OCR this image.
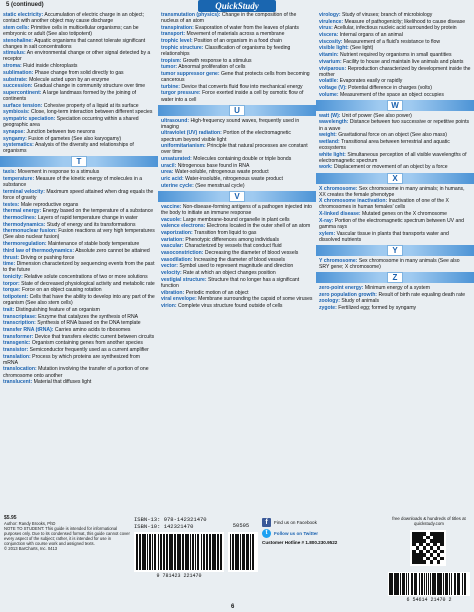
5 (continued)	QuickStudy
static electricity: Accumulation of electric charge in an object; contact with another object may cause discharge
stem cells: Primitive cells in multicellular organisms; can be embryonic or adult (See also totipotent)
stenohaline: Aquatic organisms that cannot tolerate significant changes in salt concentrations
stimulus: An environmental change or other signal detected by a receptor
stroma: Fluid inside chloroplasts
sublimation: Phase change from solid directly to gas
substrate: Molecule acted upon by an enzyme
succession: Gradual change in community structure over time
supercontinent: A large landmass formed by the joining of continents
surface tension: Cohesive property of a liquid at its surface
symbiosis: Close, long-term interaction between different species
sympatric speciation: Speciation occurring within a shared geographic area
synapse: Junction between two neurons
syngamy: Fusion of gametes (See also karyogamy)
systematics: Analysis of the diversity and relationships of organisms
T
taxis: Movement in response to a stimulus
temperature: Measure of the kinetic energy of molecules in a substance
terminal velocity: Maximum speed attained when drag equals the force of gravity
testes: Male reproductive organs
thermal energy: Energy based on the temperature of a substance
thermoclines: Layers of rapid temperature change in water
thermodynamics: Study of energy and its transformations
thermonuclear fusion: Fusion reactions at very high temperatures (See also nuclear fusion)
thermoregulation: Maintenance of stable body temperature
third law of thermodynamics: Absolute zero cannot be attained
thrust: Driving or pushing force
time: Dimension characterized by sequencing events from the past to the future
tonicity: Relative solute concentrations of two or more solutions
torpor: State of decreased physiological activity and metabolic rate
torque: Force on an object causing rotation
totipotent: Cells that have the ability to develop into any part of the organism (See also stem cells)
trait: Distinguishing feature of an organism
transcriptase: Enzyme that catalyzes the synthesis of RNA
transcription: Synthesis of RNA based on the DNA template
transfer RNA (tRNA): Carries amino acids to ribosomes
transformer: Device that transfers electric current between circuits
transgenic: Organism containing genes from another species
transistor: Semiconductor frequently used as a current amplifier
translation: Process by which proteins are synthesized from mRNA
translocation: Mutation involving the transfer of a portion of one chromosome onto another
translucent: Material that diffuses light
transmutation (physics): Change in the composition of the nucleus of an atom
transpiration: Evaporation of water from the leaves of plants
transport: Movement of materials across a membrane
trophic level: Position of an organism in a food chain
trophic structure: Classification of organisms by feeding relationships
tropism: Growth response to a stimulus
tumor: Abnormal proliferation of cells
tumor suppressor gene: Gene that protects cells from becoming cancerous
turbine: Device that converts fluid flow into mechanical energy
turgor pressure: Force exerted inside a cell by osmotic flow of water into a cell
U
ultrasound: High-frequency sound waves, frequently used in imaging
ultraviolet (UV) radiation: Portion of the electromagnetic spectrum beyond visible light
uniformitarianism: Principle that natural processes are constant over time
unsaturated: Molecules containing double or triple bonds
uracil: Nitrogenous base found in RNA
urea: Water-soluble, nitrogenous waste product
uric acid: Water-insoluble, nitrogenous waste product
uterine cycle: (See menstrual cycle)
V
vaccine: Non-disease-forming antigens of a pathogen injected into the body to initiate an immune response
vacuole: Large membrane-bound organelle in plant cells
valence electrons: Electrons located in the outer shell of an atom
vaporization: Transition from liquid to gas
variation: Phenotypic differences among individuals
vascular: Characterized by vessels that conduct fluid
vasoconstriction: Decreasing the diameter of blood vessels
vasodilation: Increasing the diameter of blood vessels
vector: Symbol used to represent magnitude and direction
velocity: Rate at which an object changes position
vestigial structure: Structure that no longer has a significant function
vibration: Periodic motion of an object
viral envelope: Membrane surrounding the capsid of some viruses
virion: Complete virus structure found outside of cells
virology: Study of viruses; branch of microbiology
virulence: Measure of pathogenicity; likelihood to cause disease
virus: Acellular, infectious nucleic acid surrounded by protein
viscera: Internal organs of an animal
viscosity: Measurement of a fluid's resistance to flow
visible light: (See light)
vitamin: Nutrient required by organisms in small quantities
vivarium: Facility to house and maintain live animals and plants
viviparous: Reproduction characterized by development inside the mother
volatile: Evaporates easily or rapidly
voltage (V): Potential difference in charges (volts)
volume: Measurement of the space an object occupies
W
watt (W): Unit of power (See also power)
wavelength: Distance between two successive or repetitive points in a wave
weight: Gravitational force on an object (See also mass)
wetland: Transitional area between terrestrial and aquatic ecosystems
white light: Simultaneous perception of all visible wavelengths of electromagnetic spectrum
work: Displacement or movement of an object by a force
X
X chromosome: Sex chromosome in many animals; in humans, XX creates the female phenotype
X chromosome inactivation: Inactivation of one of the X chromosomes in human females' cells
X-linked disease: Mutated genes on the X chromosome
X-ray: Portion of the electromagnetic spectrum between UV and gamma rays
xylem: Vascular tissue in plants that transports water and dissolved nutrients
Y
Y chromosome: Sex chromosome in many animals (See also SRY gene; X chromosome)
Z
zero-point energy: Minimum energy of a system
zero population growth: Result of birth rate equaling death rate
zoology: Study of animals
zygote: Fertilized egg; formed by syngamy
$5.95
Author: Randy Brooks, PhD
NOTE TO STUDENT: This guide is intended for informational purposes only. Due to its condensed format, this guide cannot cover every aspect of the subject; rather, it is intended for use in conjunction with course work and assigned texts.
© 2013 BarCharts, Inc. 0413
ISBN-13: 978-142321470
ISBN-10: 142321470
9 781423 221470
50595	f	Find us on Facebook
t	Follow us on Twitter
Customer Hotline # 1.800.230.9522
free downloads & hundreds of titles at quickstudy.com
6 54614 21470 2
6
